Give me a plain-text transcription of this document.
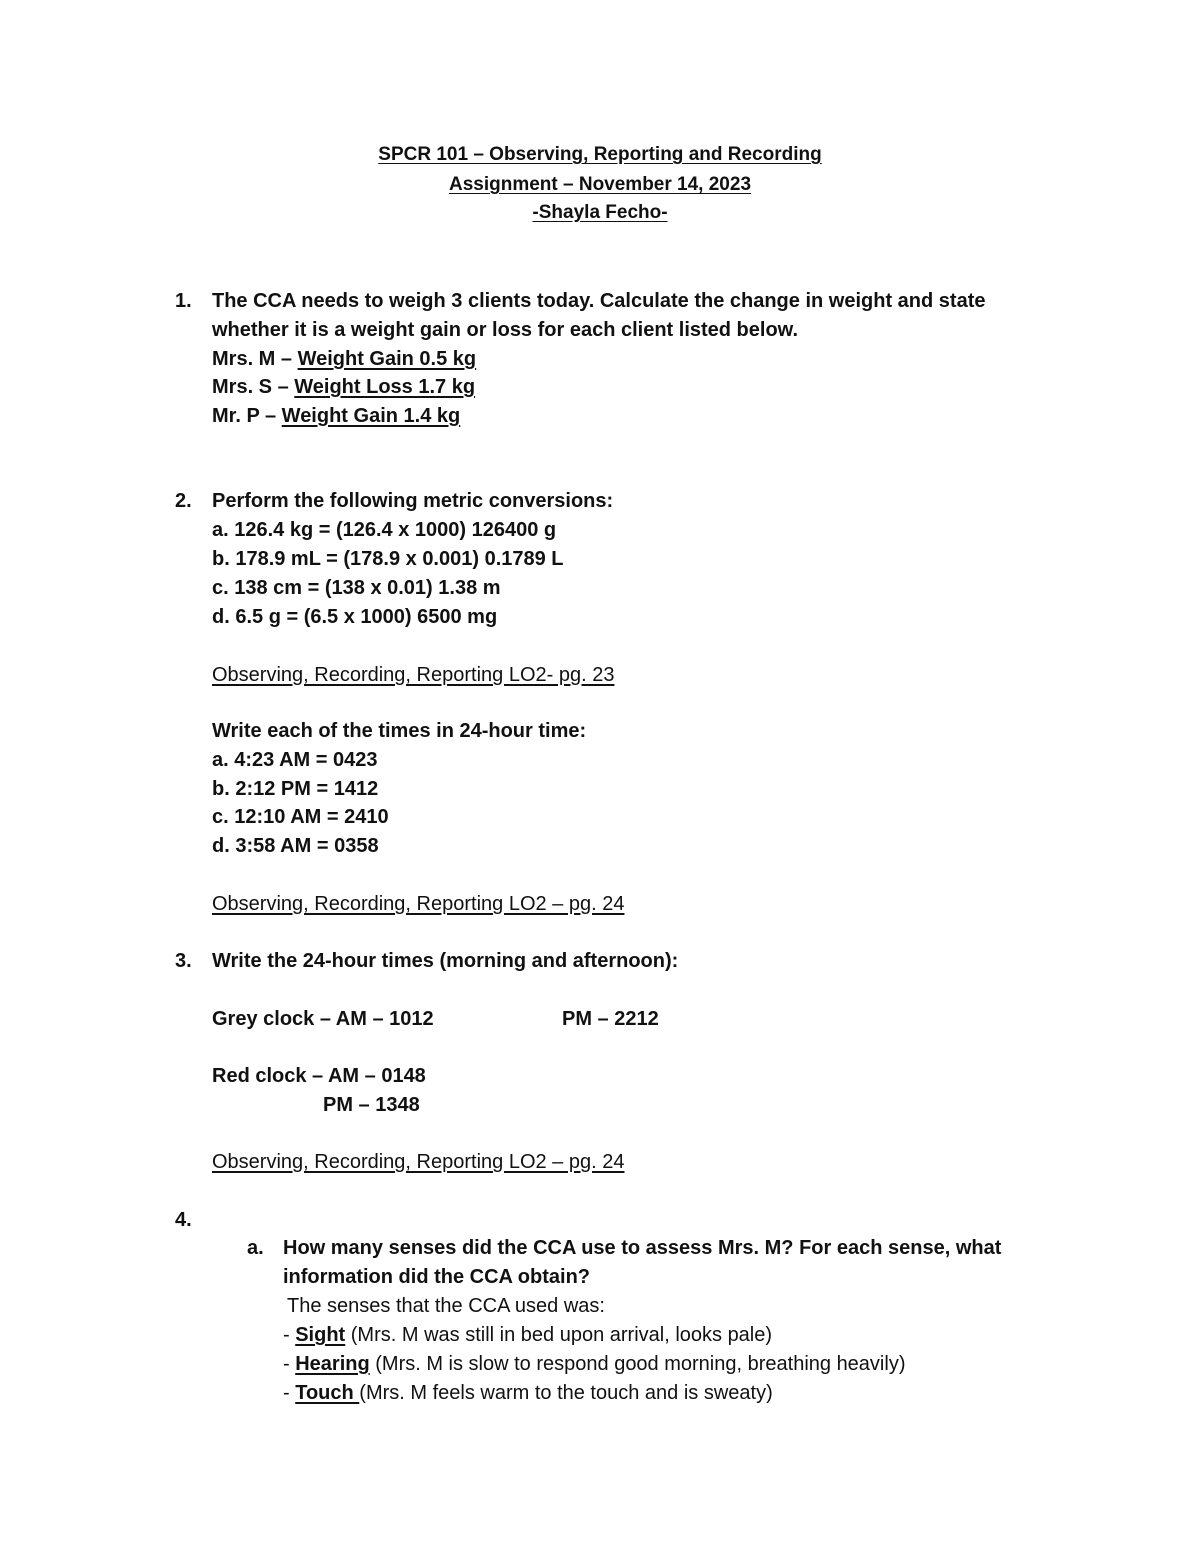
SPCR 101 – Observing, Reporting and Recording
Assignment – November 14, 2023
-Shayla Fecho-
1. The CCA needs to weigh 3 clients today. Calculate the change in weight and state
whether it is a weight gain or loss for each client listed below.
Mrs. M – Weight Gain 0.5 kg
Mrs. S – Weight Loss 1.7 kg
Mr. P – Weight Gain 1.4 kg
2. Perform the following metric conversions:
a. 126.4 kg = (126.4 x 1000) 126400 g
b. 178.9 mL = (178.9 x 0.001) 0.1789 L
c. 138 cm = (138 x 0.01) 1.38 m
d. 6.5 g = (6.5 x 1000) 6500 mg
Observing, Recording, Reporting LO2- pg. 23
Write each of the times in 24-hour time:
a. 4:23 AM = 0423
b. 2:12 PM = 1412
c. 12:10 AM = 2410
d. 3:58 AM = 0358
Observing, Recording, Reporting LO2 – pg. 24
3. Write the 24-hour times (morning and afternoon):
Grey clock – AM – 1012	PM – 2212
Red clock – AM – 0148
PM – 1348
Observing, Recording, Reporting LO2 – pg. 24
4.
a. How many senses did the CCA use to assess Mrs. M? For each sense, what
information did the CCA obtain?
The senses that the CCA used was:
- Sight (Mrs. M was still in bed upon arrival, looks pale)
- Hearing (Mrs. M is slow to respond good morning, breathing heavily)
- Touch (Mrs. M feels warm to the touch and is sweaty)
